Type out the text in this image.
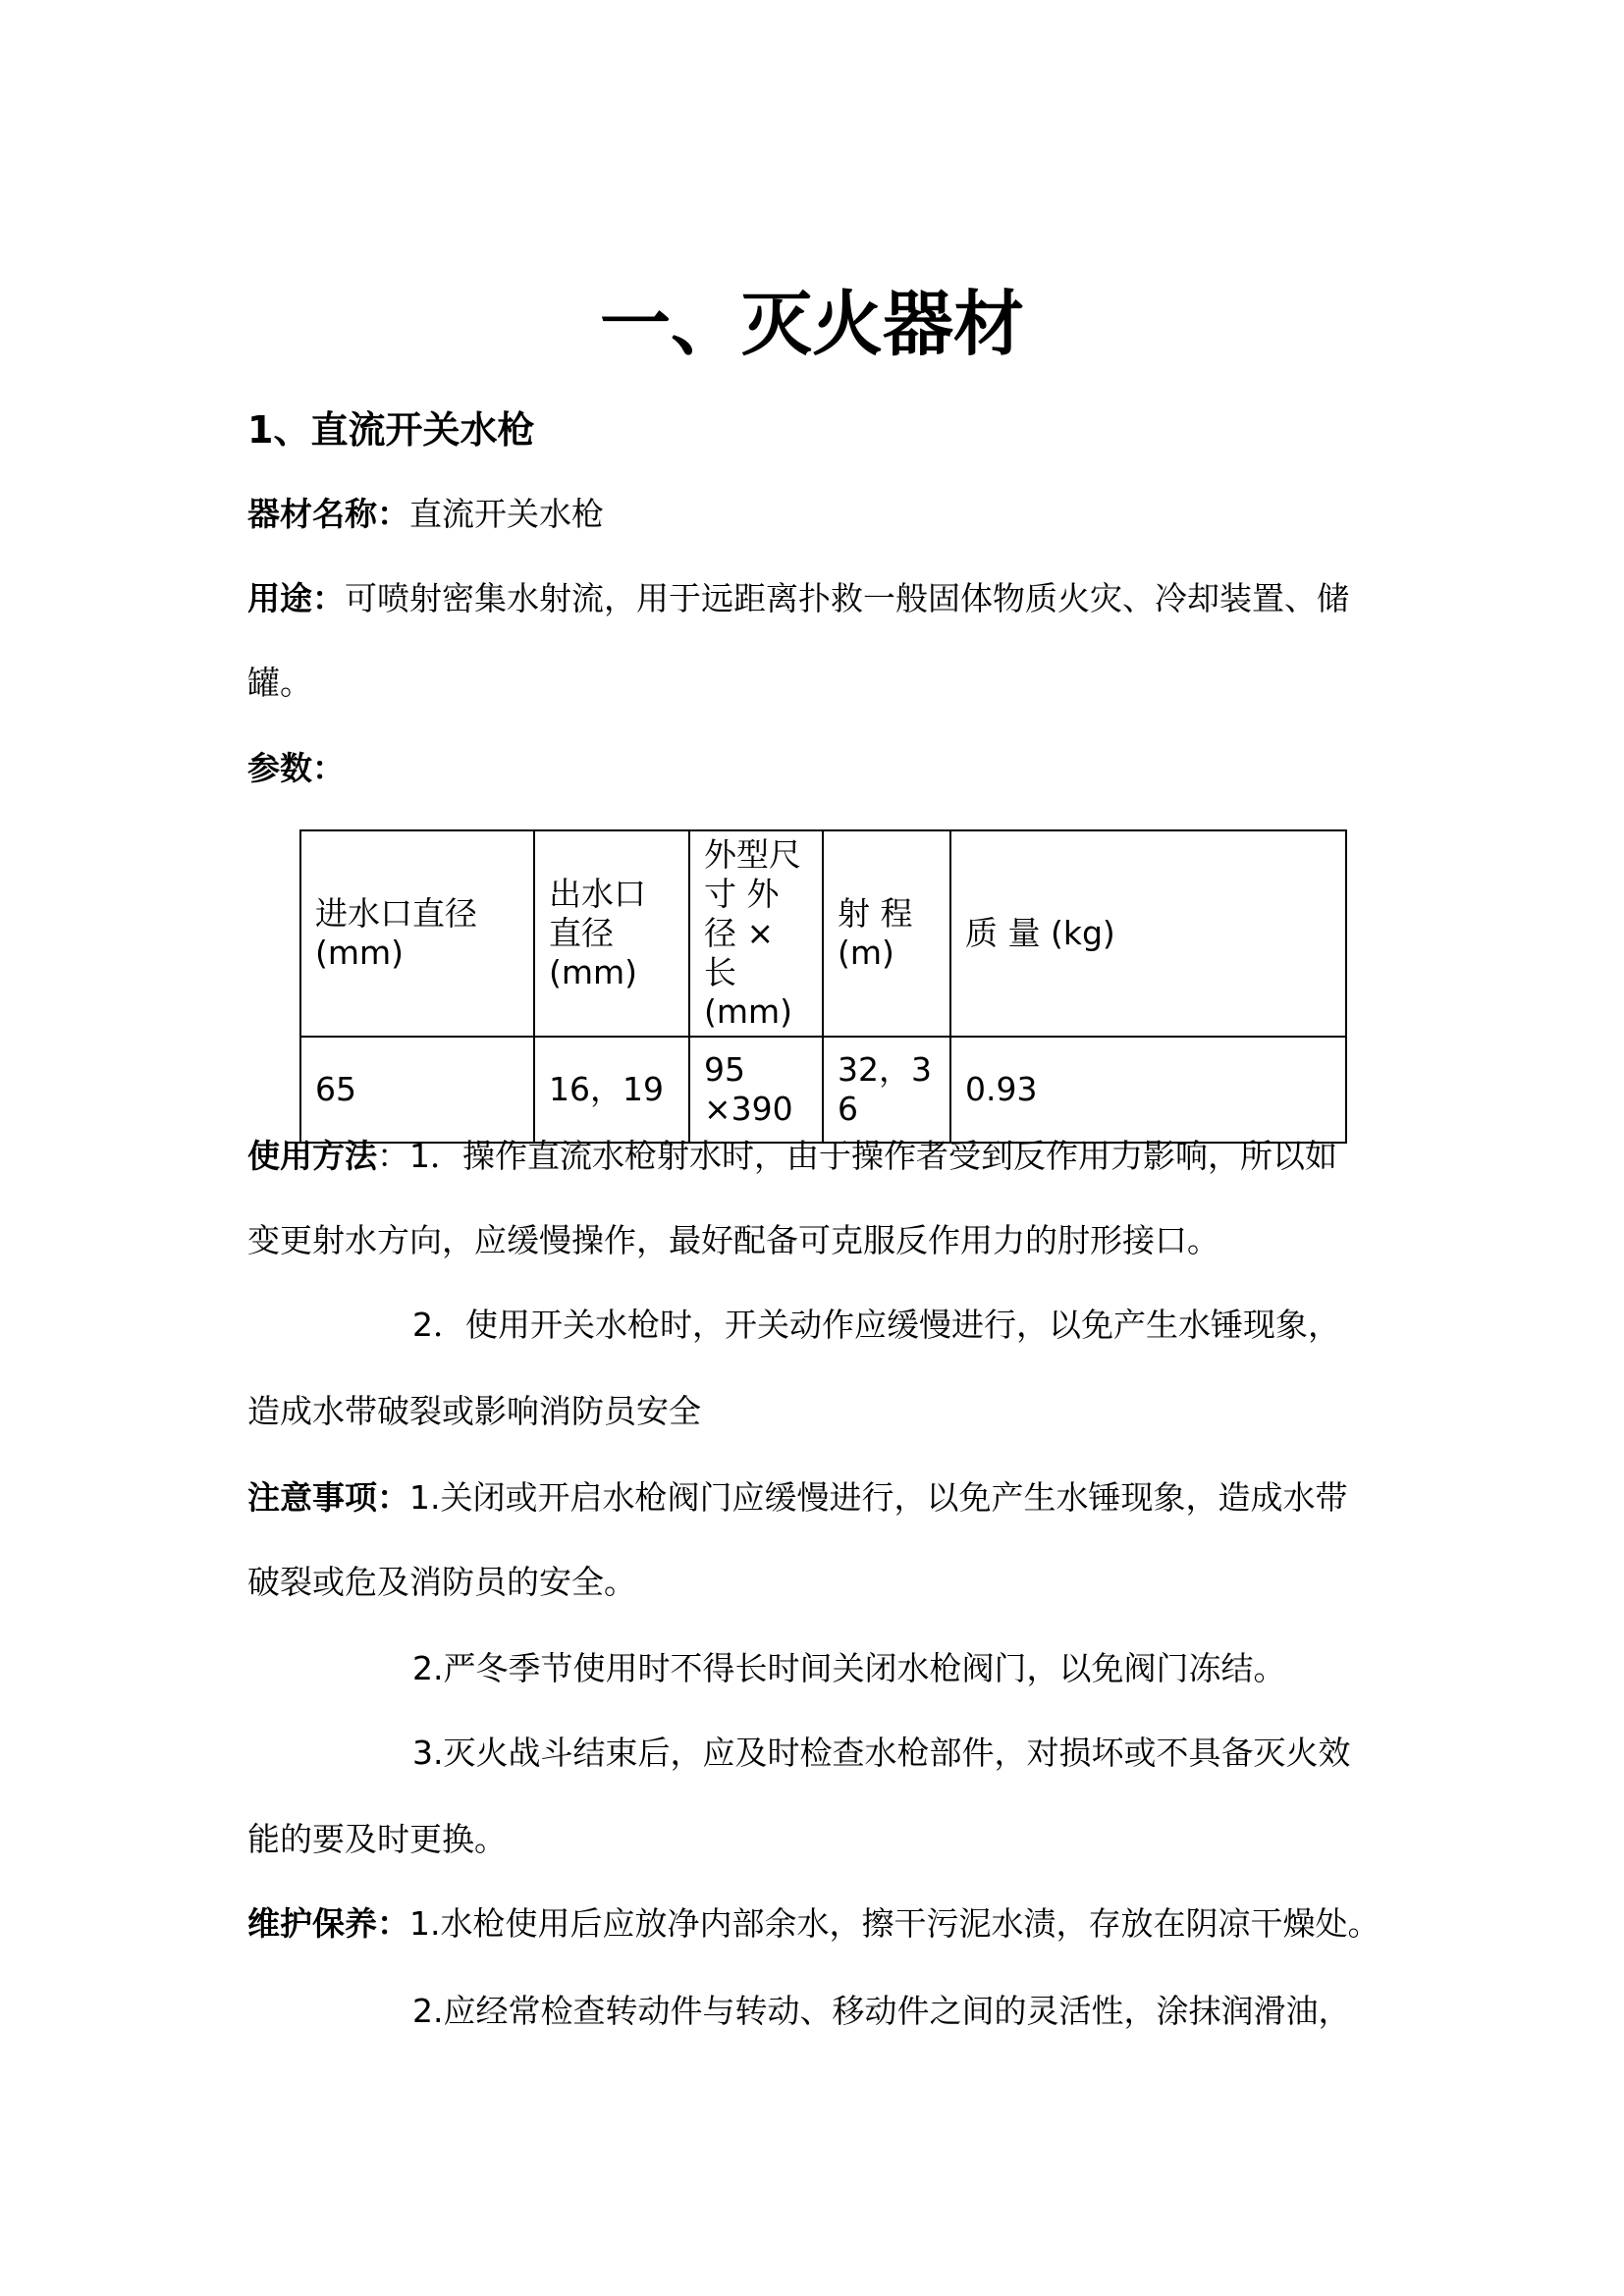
一、灭火器材
1、直流开关水枪
器材名称：直流开关水枪
用途：可喷射密集水射流，用于远距离扑救一般固体物质火灾、冷却装置、储
罐。
参数：
进水口直径 (mm)	出水口直径(mm)	外型尺寸 外径 × 长 (mm)	射 程 (m)	质 量 (kg)
65	16，19	95 ×390	32，36	0.93
使用方法：1．操作直流水枪射水时，由于操作者受到反作用力影响，所以如
变更射水方向，应缓慢操作，最好配备可克服反作用力的肘形接口。
2．使用开关水枪时，开关动作应缓慢进行，以免产生水锤现象，
造成水带破裂或影响消防员安全
注意事项：1.关闭或开启水枪阀门应缓慢进行，以免产生水锤现象，造成水带
破裂或危及消防员的安全。
2.严冬季节使用时不得长时间关闭水枪阀门，以免阀门冻结。
3.灭火战斗结束后，应及时检查水枪部件，对损坏或不具备灭火效
能的要及时更换。
维护保养：1.水枪使用后应放净内部余水，擦干污泥水渍，存放在阴凉干燥处。
2.应经常检查转动件与转动、移动件之间的灵活性，涂抹润滑油，
